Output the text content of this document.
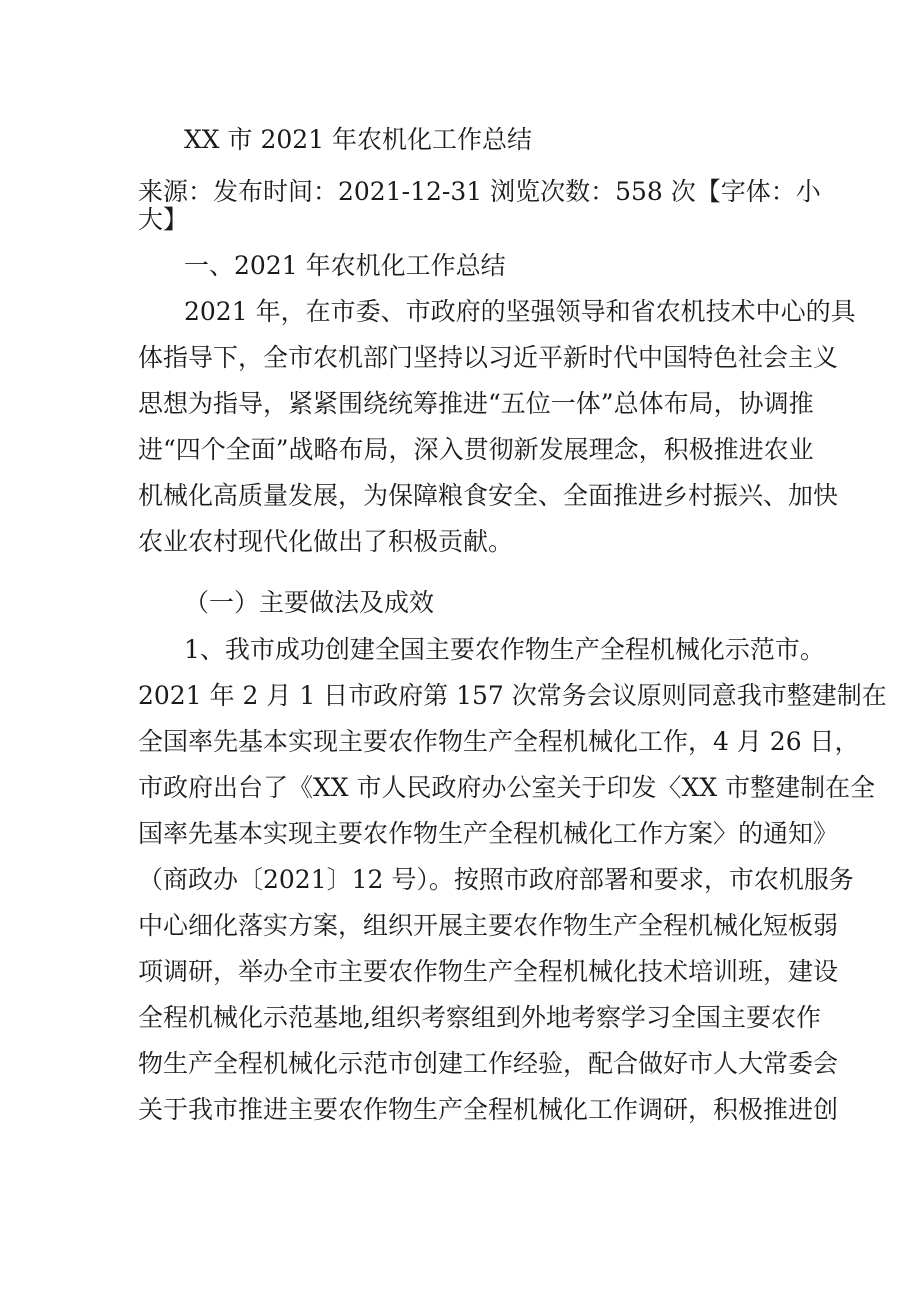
XX 市 2021 年农机化工作总结
来源：发布时间：2021-12-31 浏览次数：558 次【字体：小
大】
一、2021 年农机化工作总结
2021 年，在市委、市政府的坚强领导和省农机技术中心的具
体指导下，全市农机部门坚持以习近平新时代中国特色社会主义
思想为指导，紧紧围绕统筹推进“五位一体”总体布局，协调推
进“四个全面”战略布局，深入贯彻新发展理念，积极推进农业
机械化高质量发展，为保障粮食安全、全面推进乡村振兴、加快
农业农村现代化做出了积极贡献。
（一）主要做法及成效
1、我市成功创建全国主要农作物生产全程机械化示范市。
2021 年 2 月 1 日市政府第 157 次常务会议原则同意我市整建制在
全国率先基本实现主要农作物生产全程机械化工作，4 月 26 日，
市政府出台了《XX 市人民政府办公室关于印发〈XX 市整建制在全
国率先基本实现主要农作物生产全程机械化工作方案〉的通知》
（商政办〔2021〕12 号）。按照市政府部署和要求，市农机服务
中心细化落实方案，组织开展主要农作物生产全程机械化短板弱
项调研，举办全市主要农作物生产全程机械化技术培训班，建设
全程机械化示范基地,组织考察组到外地考察学习全国主要农作
物生产全程机械化示范市创建工作经验，配合做好市人大常委会
关于我市推进主要农作物生产全程机械化工作调研，积极推进创
